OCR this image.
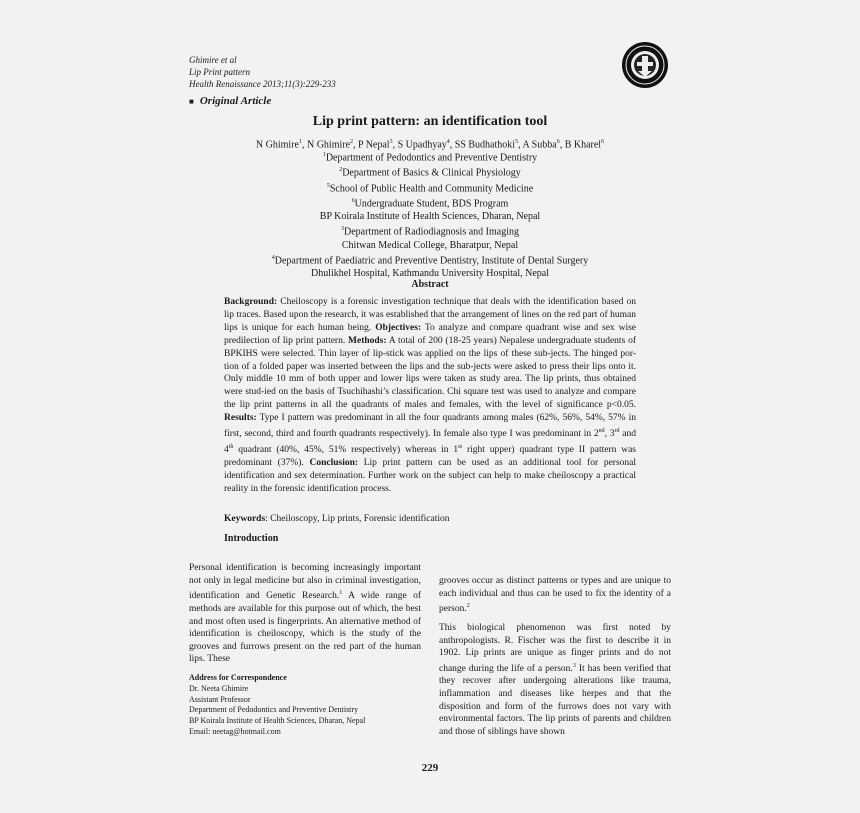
Ghimire et al
Lip Print pattern
Health Renaissance 2013;11(3):229-233
■ Original Article
Lip print pattern: an identification tool
N Ghimire$^1$, N Ghimire$^2$, P Nepal$^3$, S Upadhyay$^4$, SS Budhathoki$^5$, A Subba$^6$, B Kharel$^6$
$^1$Department of Pedodontics and Preventive Dentistry
$^2$Department of Basics & Clinical Physiology
$^5$School of Public Health and Community Medicine
$^6$Undergraduate Student, BDS Program
BP Koirala Institute of Health Sciences, Dharan, Nepal
$^3$Department of Radiodiagnosis and Imaging
Chitwan Medical College, Bharatpur, Nepal
$^4$Department of Paediatric and Preventive Dentistry, Institute of Dental Surgery
Dhulikhel Hospital, Kathmandu University Hospital, Nepal
Abstract
Background: Cheiloscopy is a forensic investigation technique that deals with the identification based on lip traces. Based upon the research, it was established that the arrangement of lines on the red part of human lips is unique for each human being. Objectives: To analyze and compare quadrant wise and sex wise predilection of lip print pattern. Methods: A total of 200 (18-25 years) Nepalese undergraduate students of BPKIHS were selected. Thin layer of lip-stick was applied on the lips of these sub-jects. The hinged por-tion of a folded paper was inserted between the lips and the sub-jects were asked to press their lips onto it. Only middle 10 mm of both upper and lower lips were taken as study area. The lip prints, thus obtained were stud-ied on the basis of Tsuchihashi’s classification. Chi square test was used to analyze and compare the lip print patterns in all the quadrants of males and females, with the level of significance p<0.05. Results: Type I pattern was predominant in all the four quadrants among males (62%, 56%, 54%, 57% in first, second, third and fourth quadrants respectively). In female also type I was predominant in 2nd, 3rd and 4th quadrant (40%, 45%, 51% respectively) whereas in 1st right upper) quadrant type II pattern was predominant (37%). Conclusion: Lip print pattern can be used as an additional tool for personal identification and sex determination. Further work on the subject can help to make cheiloscopy a practical reality in the forensic identification process.
Keywords: Cheiloscopy, Lip prints, Forensic identification
Introduction
Personal identification is becoming increasingly important not only in legal medicine but also in criminal investigation, identification and Genetic Research.$^1$ A wide range of methods are available for this purpose out of which, the best and most often used is fingerprints. An alternative method of identification is cheiloscopy, which is the study of the grooves and furrows present on the red part of the human lips. These
Address for Correspondence
Dr. Neeta Ghimire
Assistant Professor
Department of Pedodontics and Preventive Dentistry
BP Koirala Institute of Health Sciences, Dharan, Nepal
Email: neetag@hotmail.com

grooves occur as distinct patterns or types and are unique to each individual and thus can be used to fix the identity of a person.$^2$

This biological phenomenon was first noted by anthropologists. R. Fischer was the first to describe it in 1902. Lip prints are unique as finger prints and do not change during the life of a person.$^3$ It has been verified that they recover after undergoing alterations like trauma, inflammation and diseases like herpes and that the disposition and form of the furrows does not vary with environmental factors. The lip prints of parents and children and those of siblings have shown

229
